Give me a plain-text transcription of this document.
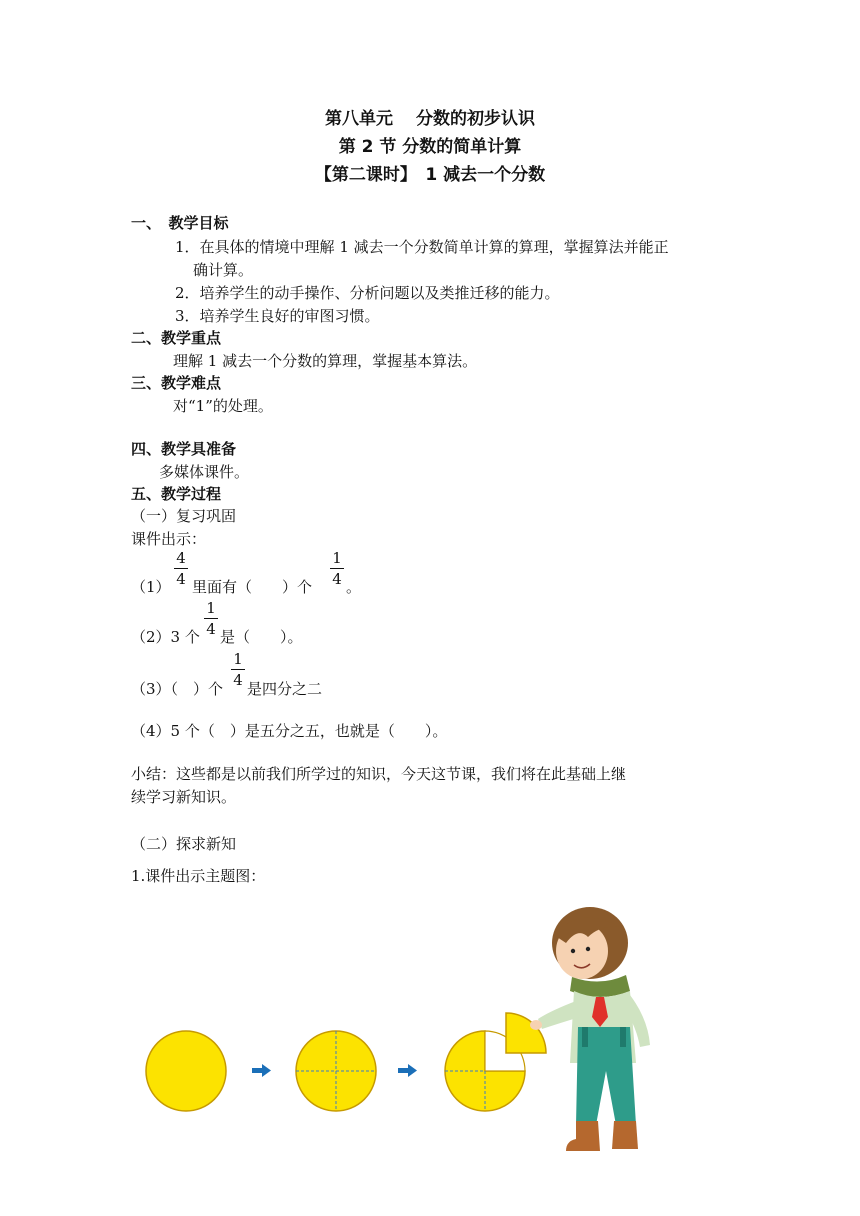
第八单元　 分数的初步认识
第 2 节 分数的简单计算
【第二课时】　1 减去一个分数
一、　教学目标
1．在具体的情境中理解 1 减去一个分数简单计算的算理，掌握算法并能正
确计算。
2．培养学生的动手操作、分析问题以及类推迁移的能力。
3．培养学生良好的审图习惯。
二、教学重点
理解 1 减去一个分数的算理，掌握基本算法。
三、教学难点
对“1”的处理。
四、教学具准备
多媒体课件。
五、教学过程
（一）复习巩固
课件出示：
（1）
4
4 里面有（　　）个
1
4 。
（2）3 个
1
4 是（　　）。
（3）（　）个
1
4 是四分之二
（4）5 个（　）是五分之五，也就是（　　）。
小结：这些都是以前我们所学过的知识，今天这节课，我们将在此基础上继
续学习新知识。
（二）探求新知
1.课件出示主题图：
